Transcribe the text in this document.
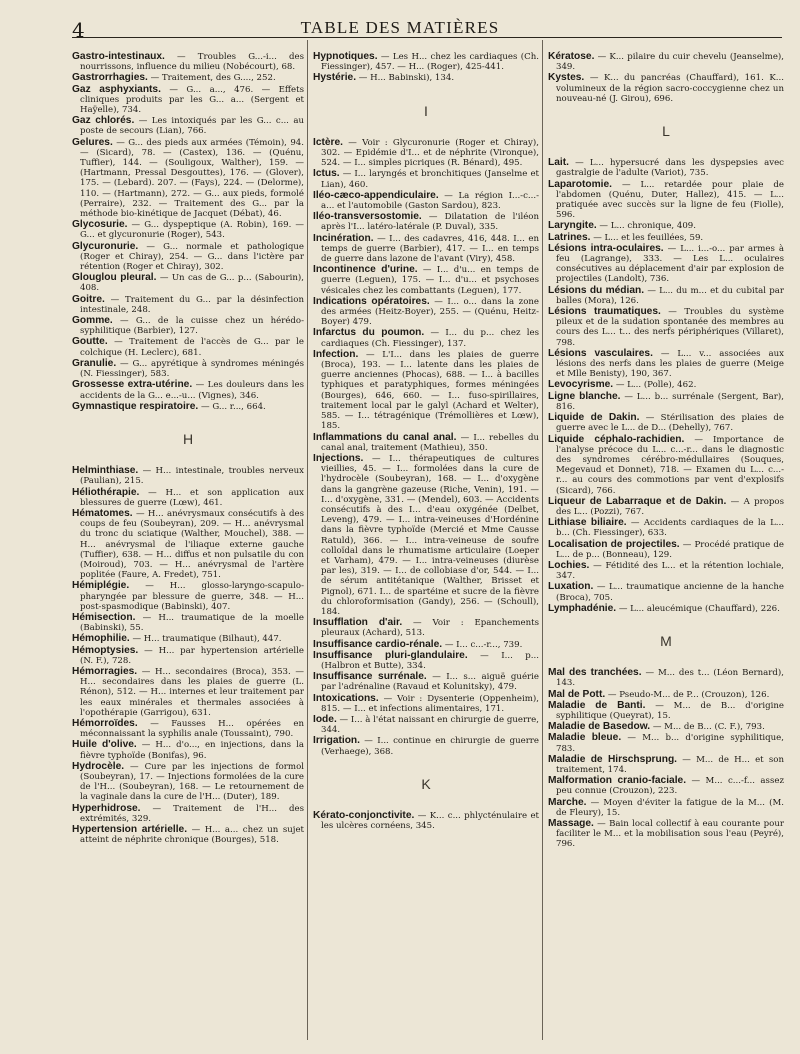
4	TABLE DES MATIÈRES
Gastro-intestinaux. — Troubles G...-i... des nourrissons, influence du milieu (Nobécourt), 68.
Gastrorrhagies. — Traitement, des G...., 252.
Gaz asphyxiants. — G... a..., 476. — Effets cliniques produits par les G... a... (Sergent et Haÿelle), 734.
Gaz chlorés. — Les intoxiqués par les G... c... au poste de secours (Lian), 766.
Gelures. — G... des pieds aux armées (Témoin), 94. — (Sicard), 78. — (Castex), 136. — (Quénu, Tuffier), 144. — (Souligoux, Walther), 159. — (Hartmann, Pressal Desgouttes), 176. — (Glover), 175. — (Lebard). 207. — (Fays), 224. — (Delorme), 110. — (Hartmann), 272. — G... aux pieds, formolé (Perraire), 232. — Traitement des G... par la méthode bio-kinétique de Jacquet (Débat), 46.
Glycosurie. — G... dyspeptique (A. Robin), 169. — G... et glycuronurie (Roger), 543.
Glycuronurie. — G... normale et pathologique (Roger et Chiray), 254. — G... dans l'ictère par rétention (Roger et Chiray), 302.
Glouglou pleural. — Un cas de G... p... (Sabourin), 408.
Goitre. — Traitement du G... par la désinfection intestinale, 248.
Gomme. — G... de la cuisse chez un hérédo-syphilitique (Barbier), 127.
Goutte. — Traitement de l'accès de G... par le colchique (H. Leclerc), 681.
Granulie. — G... apyrétique à syndromes méningés (N. Fiessinger), 583.
Grossesse extra-utérine. — Les douleurs dans les accidents de la G... e...-u... (Vignes), 346.
Gymnastique respiratoire. — G... r..., 664.
H
Helminthiase. — H... intestinale, troubles nerveux (Paulian), 215.
Héliothérapie. — H... et son application aux blessures de guerre (Lœw), 461.
Hématomes. — H... anévrysmaux consécutifs à des coups de feu (Soubeyran), 209. — H... anévrysmal du tronc du sciatique (Walther, Mouchel), 388. — H... anévrysmal de l'iliaque externe gauche (Tuffier), 638. — H... diffus et non pulsatile du con (Moiroud), 703. — H... anévrysmal de l'artère poplitée (Faure, A. Fredet), 751.
Hémiplégie. — H... glosso-laryngo-scapulo-pharyngée par blessure de guerre, 348. — H... post-spasmodique (Babinski), 407.
Hémisection. — H... traumatique de la moelle (Babinski), 55.
Hémophilie. — H... traumatique (Bilhaut), 447.
Hémoptysies. — H... par hypertension artérielle (N. F.), 728.
Hémorragies. — H... secondaires (Broca), 353. — H... secondaires dans les plaies de guerre (L. Rénon), 512. — H... internes et leur traitement par les eaux minérales et thermales associées à l'opothérapie (Garrigou), 631.
Hémorroïdes. — Fausses H... opérées en méconnaissant la syphilis anale (Toussaint), 790.
Huile d'olive. — H... d'o..., en injections, dans la fièvre typhoïde (Bonifas), 96.
Hydrocèle. — Cure par les injections de formol (Soubeyran), 17. — Injections formolées de la cure de l'H... (Soubeyran), 168. — Le retournement de la vaginale dans la cure de l'H... (Duter), 189.
Hyperhidrose. — Traitement de l'H... des extrémités, 329.
Hypertension artérielle. — H... a... chez un sujet atteint de néphrite chronique (Bourges), 518.
Hypnotiques. — Les H... chez les cardiaques (Ch. Fiessinger), 457. — H... (Roger), 425-441.
Hystérie. — H... Babinski), 134.
I
Ictère. — Voir : Glycuronurie (Roger et Chiray), 302. — Epidémie d'I... et de néphrite (Vironque), 524. — I... simples picriques (R. Bénard), 495.
Ictus. — I... laryngés et bronchitiques (Janselme et Lian), 460.
Iléo-cæco-appendiculaire. — La région I...-c...-a... et l'automobile (Gaston Sardou), 823.
Iléo-transversostomie. — Dilatation de l'iléon après l'I... latéro-latérale (P. Duval), 335.
Incinération. — I... des cadavres, 416, 448. I... en temps de guerre (Barbier), 417. — I... en temps de guerre dans lazone de l'avant (Viry), 458.
Incontinence d'urine. — I... d'u... en temps de guerre (Leguen), 175. — I... d'u... et psychoses vésicales chez les combattants (Leguen), 177.
Indications opératoires. — I... o... dans la zone des armées (Heitz-Boyer), 255. — (Quénu, Heitz-Boyer) 479.
Infarctus du poumon. — I... du p... chez les cardiaques (Ch. Fiessinger), 137.
Infection. — L'I... dans les plaies de guerre (Broca), 193. — I... latente dans les plaies de guerre anciennes (Phocas), 688. — I... à bacilles typhiques et paratyphiques, formes méningées (Bourges), 646, 660. — I... fuso-spirillaires, traitement local par le galyl (Achard et Welter), 585. — I... tétragénique (Trémollières et Lœw), 185.
Inflammations du canal anal. — I... rebelles du canal anal, traitement (Mathieu), 350.
Injections. — I... thérapeutiques de cultures vieillies, 45. — I... formolées dans la cure de l'hydrocèle (Soubeyran), 168. — I... d'oxygène dans la gangrène gazeuse (Riche, Venin), 191. — I... d'oxygène, 331. — (Mendel), 603. — Accidents consécutifs à des I... d'eau oxygénée (Delbet, Leveng), 479. — I... intra-veineuses d'Hordénine dans la fièvre typhoïde (Mercié et Mme Causse Ratuld), 366. — I... intra-veineuse de soufre colloïdal dans le rhumatisme articulaire (Loeper et Varham), 479. — I... intra-veineuses (diurèse par les), 319. — I... de collobiase d'or, 544. — I... de sérum antitétanique (Walther, Brisset et Pignol), 671. I... de spartéine et sucre de la fièvre du chloroformisation (Gandy), 256. — (Schoull), 184.
Insufflation d'air. — Voir : Epanchements pleuraux (Achard), 513.
Insuffisance cardio-rénale. — I... c...-r..., 739.
Insuffisance pluri-glandulaire. — I... p... (Halbron et Butte), 334.
Insuffisance surrénale. — I... s... aiguë guérie par l'adrénaline (Ravaud et Kolunitsky), 479.
Intoxications. — Voir : Dysenterie (Oppenheim), 815. — I... et infections alimentaires, 171.
Iode. — I... à l'état naissant en chirurgie de guerre, 344.
Irrigation. — I... continue en chirurgie de guerre (Verhaege), 368.
K
Kérato-conjonctivite. — K... c... phlycténulaire et les ulcères cornéens, 345.
Kératose. — K... pilaire du cuir chevelu (Jeanselme), 349.
Kystes. — K... du pancréas (Chauffard), 161. K... volumineux de la région sacro-coccygienne chez un nouveau-né (J. Girou), 696.
L
Lait. — L... hypersucré dans les dyspepsies avec gastralgie de l'adulte (Variot), 735.
Laparotomie. — L... retardée pour plaie de l'abdomen (Quénu, Duter, Hallez), 415. — L... pratiquée avec succès sur la ligne de feu (Fiolle), 596.
Laryngite. — L... chronique, 409.
Latrines. — L... et les feuillées, 59.
Lésions intra-oculaires. — L... i...-o... par armes à feu (Lagrange), 333. — Les L... oculaires consécutives au déplacement d'air par explosion de projectiles (Landolt), 736.
Lésions du médian. — L... du m... et du cubital par balles (Mora), 126.
Lésions traumatiques. — Troubles du système pileux et de la sudation spontanée des membres au cours des L... t... des nerfs périphériques (Villaret), 798.
Lésions vasculaires. — L... v... associées aux lésions des nerfs dans les plaies de guerre (Meige et Mlle Benisty), 190, 367.
Levocyrisme. — L... (Polle), 462.
Ligne blanche. — L... b... surrénale (Sergent, Bar), 816.
Liquide de Dakin. — Stérilisation des plaies de guerre avec le L... de D... (Dehelly), 767.
Liquide céphalo-rachidien. — Importance de l'analyse précoce du L... c...-r... dans le diagnostic des syndromes cérébro-médullaires (Souques, Megevaud et Donnet), 718. — Examen du L... c...-r... au cours des commotions par vent d'explosifs (Sicard), 766.
Liqueur de Labarraque et de Dakin. — A propos des L... (Pozzi), 767.
Lithiase biliaire. — Accidents cardiaques de la L... b... (Ch. Fiessinger), 633.
Localisation de projectiles. — Procédé pratique de L... de p... (Bonneau), 129.
Lochies. — Fétidité des L... et la rétention lochiale, 347.
Luxation. — L... traumatique ancienne de la hanche (Broca), 705.
Lymphadénie. — L... aleucémique (Chauffard), 226.
M
Mal des tranchées. — M... des t... (Léon Bernard), 143.
Mal de Pott. — Pseudo-M... de P... (Crouzon), 126.
Maladie de Banti. — M... de B... d'origine syphilitique (Queyrat), 15.
Maladie de Basedow. — M... de B... (C. F.), 793.
Maladie bleue. — M... b... d'origine syphilitique, 783.
Maladie de Hirschsprung. — M... de H... et son traitement, 174.
Malformation cranio-faciale. — M... c...-f... assez peu connue (Crouzon), 223.
Marche. — Moyen d'éviter la fatigue de la M... (M. de Fleury), 15.
Massage. — Bain local collectif à eau courante pour faciliter le M... et la mobilisation sous l'eau (Peyré), 796.
